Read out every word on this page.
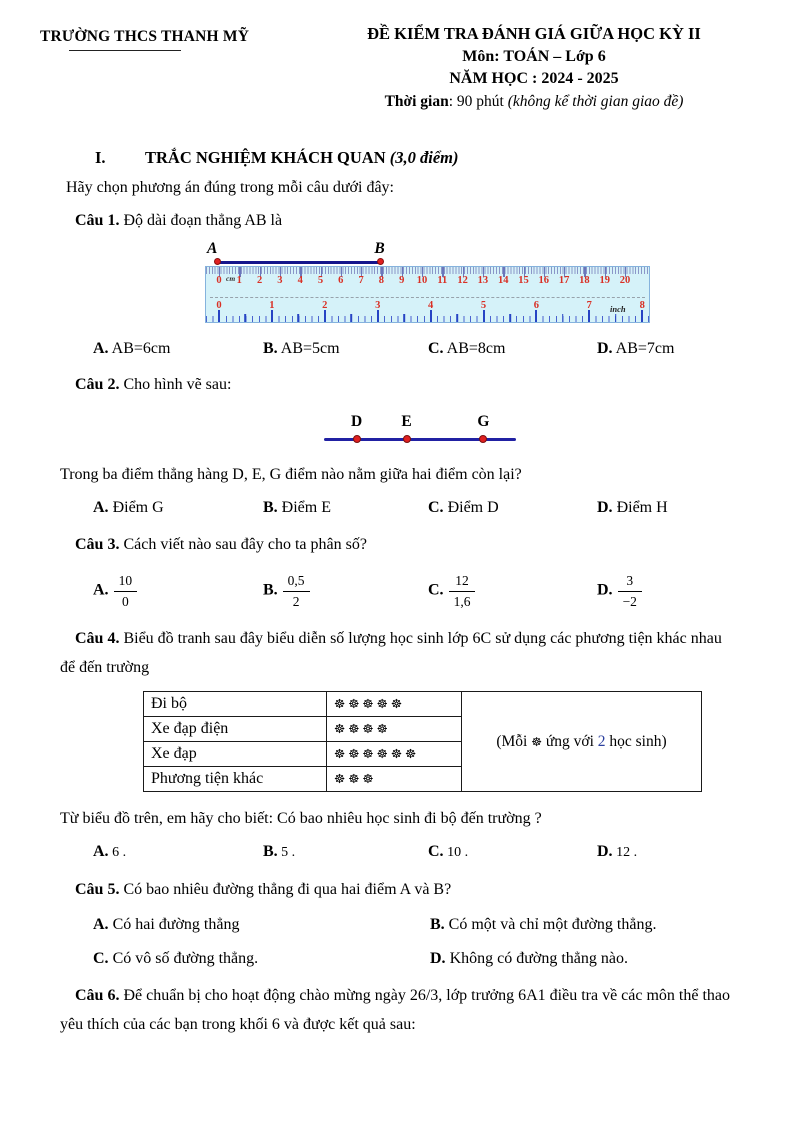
TRƯỜNG THCS THANH MỸ	ĐỀ KIỂM TRA ĐÁNH GIÁ GIỮA HỌC KỲ II
Môn: TOÁN – Lớp 6
NĂM HỌC : 2024 - 2025
Thời gian: 90 phút (không kể thời gian giao đề)
I. TRẮC NGHIỆM KHÁCH QUAN (3,0 điểm)

Hãy chọn phương án đúng trong mỗi câu dưới đây:

Câu 1. Độ dài đoạn thẳng AB là

A	B
cm
inch
0 1 2 3 4 5 6 7 8 9 10 11 12 13 14 15 16 17 18 19 20
0	1	2	3	4	5	6	7	8
A. AB=6cm	B. AB=5cm	C. AB=8cm	D. AB=7cm

Câu 2. Cho hình vẽ sau:

D	E	G

Trong ba điểm thẳng hàng D, E, G điểm nào nằm giữa hai điểm còn lại?

A. Điểm G	B. Điểm E	C. Điểm D	D. Điểm H

Câu 3. Cách viết nào sau đây cho ta phân số?

A. $\frac{10}{0}$	B. $\frac{0,5}{2}$	C. $\frac{12}{1,6}$	D. $\frac{3}{-2}$

Câu 4. Biểu đồ tranh sau đây biểu diễn số lượng học sinh lớp 6C sử dụng các phương tiện khác nhau để đến trường

Đi bộ	☸☸☸☸☸	(Mỗi ☸ ứng với 2 học sinh)
Xe đạp điện	☸☸☸☸	
Xe đạp	☸☸☸☸☸☸	
Phương tiện khác	☸☸☸	

Từ biểu đồ trên, em hãy cho biết: Có bao nhiêu học sinh đi bộ đến trường ?

A. 6 .	B. 5 .	C. 10 .	D. 12 .

Câu 5. Có bao nhiêu đường thẳng đi qua hai điểm A và B?

A. Có hai đường thẳng	B. Có một và chỉ một đường thẳng.
C. Có vô số đường thẳng.	D. Không có đường thẳng nào.

Câu 6. Để chuẩn bị cho hoạt động chào mừng ngày 26/3, lớp trưởng 6A1 điều tra về các môn thể thao yêu thích của các bạn trong khối 6 và được kết quả sau:
